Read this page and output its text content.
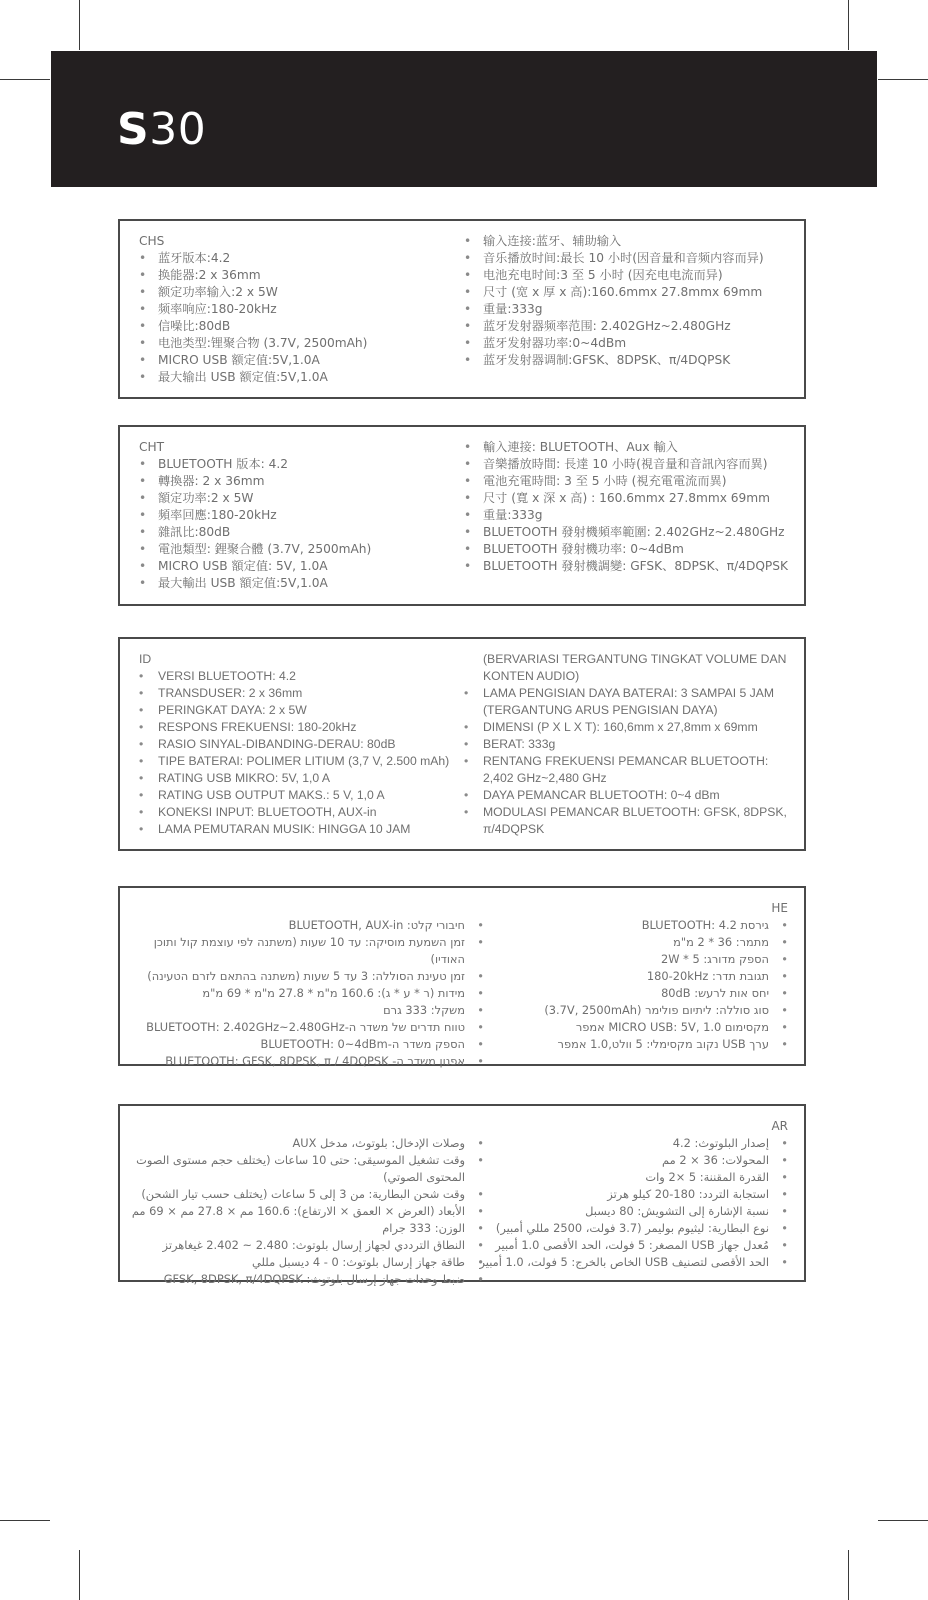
S30
CHS
• 蓝牙版本:4.2
• 换能器:2 x 36mm
• 额定功率输入:2 x 5W
• 频率响应:180-20kHz
• 信噪比:80dB
• 电池类型:锂聚合物 (3.7V, 2500mAh)
• MICRO USB 额定值:5V,1.0A
• 最大输出 USB 额定值:5V,1.0A
• 输入连接:蓝牙、辅助输入
• 音乐播放时间:最长 10 小时(因音量和音频内容而异)
• 电池充电时间:3 至 5 小时 (因充电电流而异)
• 尺寸 (宽 x 厚 x 高):160.6mmx 27.8mmx 69mm
• 重量:333g
• 蓝牙发射器频率范围: 2.402GHz~2.480GHz
• 蓝牙发射器功率:0~4dBm
• 蓝牙发射器调制:GFSK、8DPSK、π/4DQPSK
CHT
• BLUETOOTH 版本: 4.2
• 轉換器: 2 x 36mm
• 額定功率:2 x 5W
• 頻率回應:180-20kHz
• 雜訊比:80dB
• 電池類型: 鋰聚合體 (3.7V, 2500mAh)
• MICRO USB 額定值: 5V, 1.0A
• 最大輸出 USB 額定值:5V,1.0A
• 輸入連接: BLUETOOTH、Aux 輸入
• 音樂播放時間: 長達 10 小時(視音量和音訊內容而異)
• 電池充電時間: 3 至 5 小時 (視充電電流而異)
• 尺寸 (寬 x 深 x 高) : 160.6mmx 27.8mmx 69mm
• 重量:333g
• BLUETOOTH 發射機頻率範圍: 2.402GHz~2.480GHz
• BLUETOOTH 發射機功率: 0~4dBm
• BLUETOOTH 發射機調變: GFSK、8DPSK、π/4DQPSK
ID
• VERSI BLUETOOTH: 4.2
• TRANSDUSER: 2 x 36mm
• PERINGKAT DAYA: 2 x 5W
• RESPONS FREKUENSI: 180-20kHz
• RASIO SINYAL-DIBANDING-DERAU: 80dB
• TIPE BATERAI: POLIMER LITIUM (3,7 V, 2.500 mAh)
• RATING USB MIKRO: 5V, 1,0 A
• RATING USB OUTPUT MAKS.: 5 V, 1,0 A
• KONEKSI INPUT: BLUETOOTH, AUX-in
• LAMA PEMUTARAN MUSIK: HINGGA 10 JAM
(BERVARIASI TERGANTUNG TINGKAT VOLUME DAN KONTEN AUDIO)
• LAMA PENGISIAN DAYA BATERAI: 3 SAMPAI 5 JAM (TERGANTUNG ARUS PENGISIAN DAYA)
• DIMENSI (P X L X T): 160,6mm x 27,8mm x 69mm
• BERAT: 333g
• RENTANG FREKUENSI PEMANCAR BLUETOOTH: 2,402 GHz~2,480 GHz
• DAYA PEMANCAR BLUETOOTH: 0~4 dBm
• MODULASI PEMANCAR BLUETOOTH: GFSK, 8DPSK, π/4DQPSK
HE
• גירסת BLUETOOTH: 4.2
• מתמר: 36 * 2 מ"מ
• הספק מדורג: 5 * 2W
• תגובת תדר: 180-20kHz
• יחס אות לרעש: 80dB
• סוג סוללה: ליתיום פולימר (3.7V, 2500mAh)
• מקסימום MICRO USB: 5V, 1.0 אמפר
• ערך USB נקוב מקסימלי: 5 וולט,1.0 אמפר
• חיבורי קלט: BLUETOOTH, AUX-in
• זמן השמעת מוסיקה: עד 10 שעות (משתנה לפי עוצמת קול ותוכן האודיו)
• זמן טעינת הסוללה: 3 עד 5 שעות (משתנה בהתאם לזרם הטעינה)
• מידות (ר * ע * ג): 160.6 מ"מ * 27.8 מ"מ * 69 מ"מ
• משקל: 333 גרם
• טווח תדרים של משדר ה-BLUETOOTH: 2.402GHz~2.480GHz
• הספק משדר ה-BLUETOOTH: 0~4dBm
• אפנון משדר ה- BLUETOOTH: GFSK, 8DPSK, π / 4DQPSK
AR
• إصدار البلوتوث: 4.2
• المحولات: 36 × 2 مم
• القدرة المقننة: 5 ×2 وات
• استجابة التردد: 180-20 كيلو هرتز
• نسبة الإشارة إلى التشويش: 80 ديسبل
• نوع البطارية: ليثيوم بوليمر (3.7 فولت، 2500 مللي أمبير)
• مُعدل جهاز USB المصغر: 5 فولت، الحد الأقصى 1.0 أمبير
• الحد الأقصى لتصنيف USB الخاص بالخرج: 5 فولت، 1.0 أمبير
• وصلات الإدخال: بلوتوث، مدخل AUX
• وقت تشغيل الموسيقى: حتى 10 ساعات (يختلف حجم مستوى الصوت المحتوى الصوتي)
• وقت شحن البطارية: من 3 إلى 5 ساعات (يختلف حسب تيار الشحن)
• الأبعاد (العرض × العمق × الارتفاع): 160.6 مم × 27.8 مم × 69 مم
• الوزن: 333 جرام
• النطاق الترددي لجهاز إرسال بلوتوث: 2.480 ~ 2.402 غيغاهرتز
• طاقة جهاز إرسال بلوتوث: 0 - 4 ديسبل مللي
• ضبط وحدات جهاز إرسال بلوتوث: GFSK, 8DPSK, π/4DQPSK
